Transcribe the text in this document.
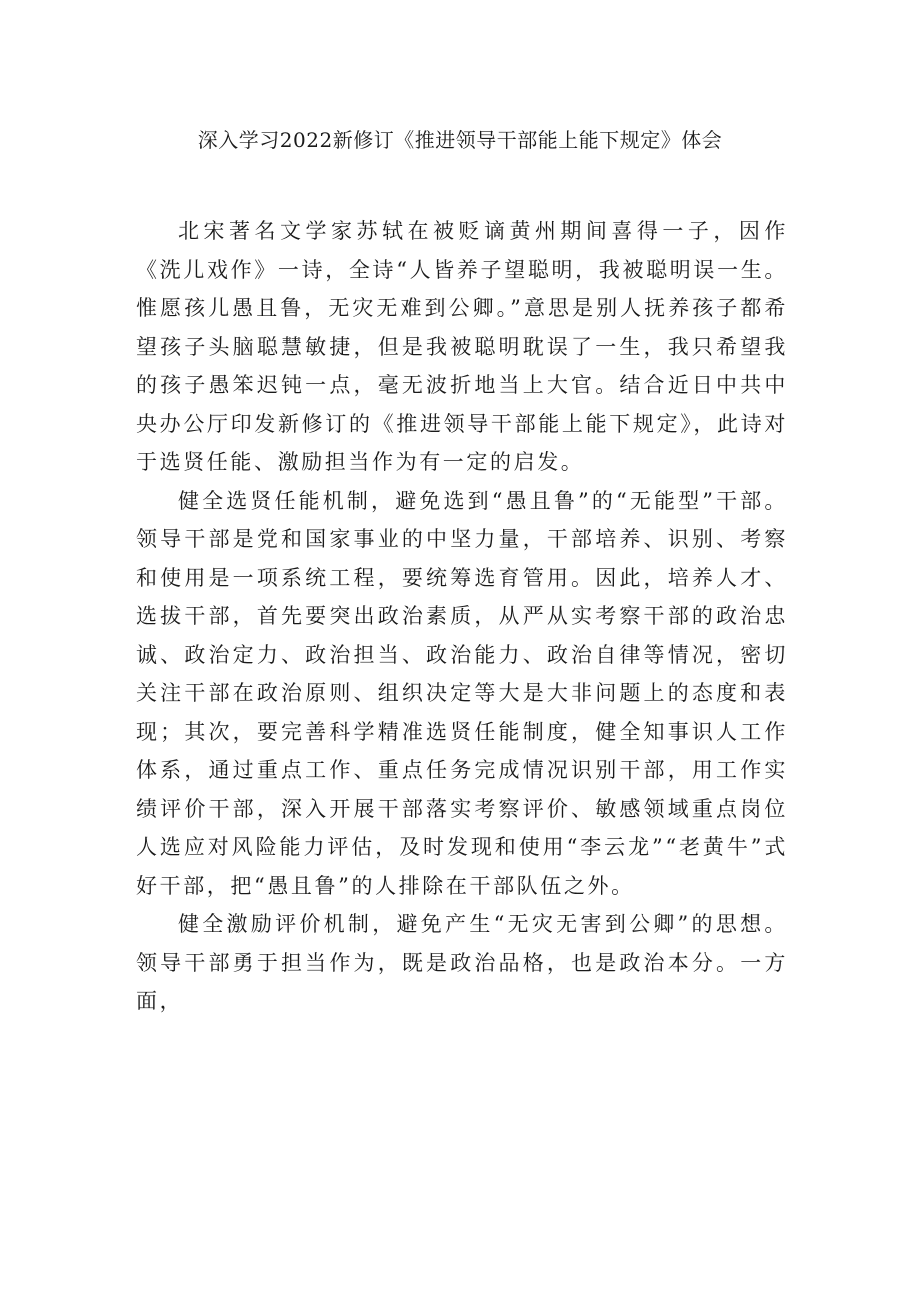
深入学习2022新修订《推进领导干部能上能下规定》体会

北宋著名文学家苏轼在被贬谪黄州期间喜得一子，因作《洗儿戏作》一诗，全诗“人皆养子望聪明，我被聪明误一生。惟愿孩儿愚且鲁，无灾无难到公卿。”意思是别人抚养孩子都希望孩子头脑聪慧敏捷，但是我被聪明耽误了一生，我只希望我的孩子愚笨迟钝一点，毫无波折地当上大官。结合近日中共中央办公厅印发新修订的《推进领导干部能上能下规定》，此诗对于选贤任能、激励担当作为有一定的启发。

健全选贤任能机制，避免选到“愚且鲁”的“无能型”干部。领导干部是党和国家事业的中坚力量，干部培养、识别、考察和使用是一项系统工程，要统筹选育管用。因此，培养人才、选拔干部，首先要突出政治素质，从严从实考察干部的政治忠诚、政治定力、政治担当、政治能力、政治自律等情况，密切关注干部在政治原则、组织决定等大是大非问题上的态度和表现；其次，要完善科学精准选贤任能制度，健全知事识人工作体系，通过重点工作、重点任务完成情况识别干部，用工作实绩评价干部，深入开展干部落实考察评价、敏感领域重点岗位人选应对风险能力评估，及时发现和使用“李云龙”“老黄牛”式好干部，把“愚且鲁”的人排除在干部队伍之外。

健全激励评价机制，避免产生“无灾无害到公卿”的思想。领导干部勇于担当作为，既是政治品格，也是政治本分。一方面，
